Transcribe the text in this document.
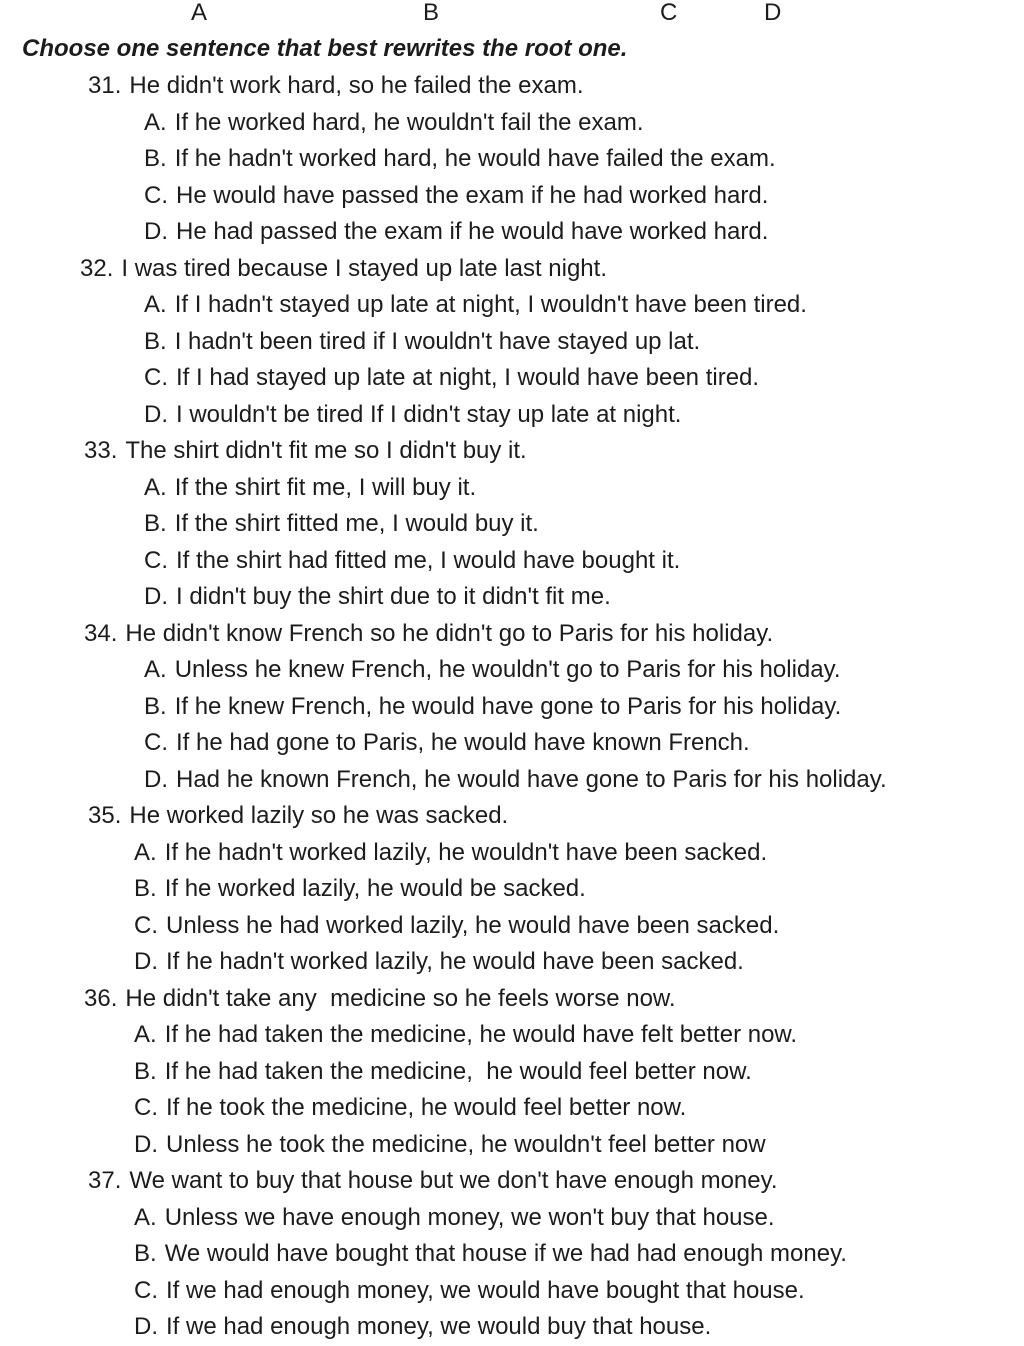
A	B	C	D
Choose one sentence that best rewrites the root one.
31. He didn't work hard, so he failed the exam.
A. If he worked hard, he wouldn't fail the exam.
B. If he hadn't worked hard, he would have failed the exam.
C. He would have passed the exam if he had worked hard.
D. He had passed the exam if he would have worked hard.
32. I was tired because I stayed up late last night.
A. If I hadn't stayed up late at night, I wouldn't have been tired.
B. I hadn't been tired if I wouldn't have stayed up lat.
C. If I had stayed up late at night, I would have been tired.
D. I wouldn't be tired If I didn't stay up late at night.
33. The shirt didn't fit me so I didn't buy it.
A. If the shirt fit me, I will buy it.
B. If the shirt fitted me, I would buy it.
C. If the shirt had fitted me, I would have bought it.
D. I didn't buy the shirt due to it didn't fit me.
34. He didn't know French so he didn't go to Paris for his holiday.
A. Unless he knew French, he wouldn't go to Paris for his holiday.
B. If he knew French, he would have gone to Paris for his holiday.
C. If he had gone to Paris, he would have known French.
D. Had he known French, he would have gone to Paris for his holiday.
35. He worked lazily so he was sacked.
A. If he hadn't worked lazily, he wouldn't have been sacked.
B. If he worked lazily, he would be sacked.
C. Unless he had worked lazily, he would have been sacked.
D. If he hadn't worked lazily, he would have been sacked.
36. He didn't take any  medicine so he feels worse now.
A. If he had taken the medicine, he would have felt better now.
B. If he had taken the medicine,  he would feel better now.
C. If he took the medicine, he would feel better now.
D. Unless he took the medicine, he wouldn't feel better now
37. We want to buy that house but we don't have enough money.
A. Unless we have enough money, we won't buy that house.
B. We would have bought that house if we had had enough money.
C. If we had enough money, we would have bought that house.
D. If we had enough money, we would buy that house.
